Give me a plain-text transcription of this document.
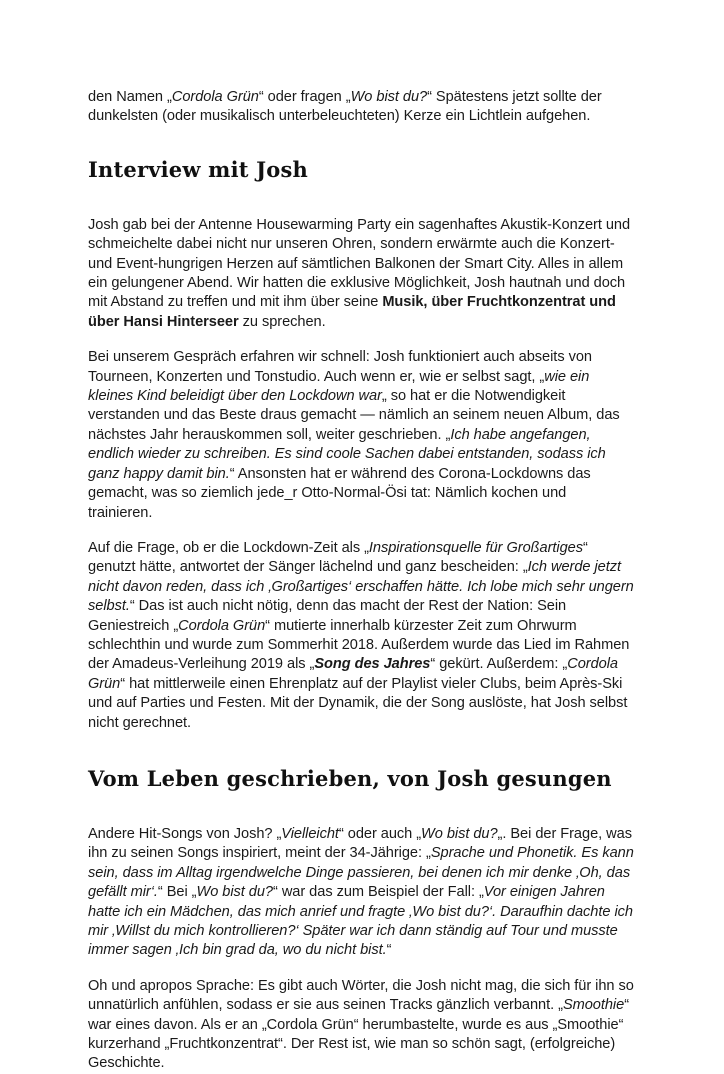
den Namen „Cordola Grün“ oder fragen „Wo bist du?“ Spätestens jetzt sollte der dunkelsten (oder musikalisch unterbeleuchteten) Kerze ein Lichtlein aufgehen.

Interview mit Josh

Josh gab bei der Antenne Housewarming Party ein sagenhaftes Akustik-Konzert und schmeichelte dabei nicht nur unseren Ohren, sondern erwärmte auch die Konzert- und Event-hungrigen Herzen auf sämtlichen Balkonen der Smart City. Alles in allem ein gelungener Abend. Wir hatten die exklusive Möglichkeit, Josh hautnah und doch mit Abstand zu treffen und mit ihm über seine Musik, über Fruchtkonzentrat und über Hansi Hinterseer zu sprechen.

Bei unserem Gespräch erfahren wir schnell: Josh funktioniert auch abseits von Tourneen, Konzerten und Tonstudio. Auch wenn er, wie er selbst sagt, „wie ein kleines Kind beleidigt über den Lockdown war„ so hat er die Notwendigkeit verstanden und das Beste draus gemacht — nämlich an seinem neuen Album, das nächstes Jahr herauskommen soll, weiter geschrieben. „Ich habe angefangen, endlich wieder zu schreiben. Es sind coole Sachen dabei entstanden, sodass ich ganz happy damit bin.“ Ansonsten hat er während des Corona-Lockdowns das gemacht, was so ziemlich jede_r Otto-Normal-Ösi tat: Nämlich kochen und trainieren.

Auf die Frage, ob er die Lockdown-Zeit als „Inspirationsquelle für Großartiges“ genutzt hätte, antwortet der Sänger lächelnd und ganz bescheiden: „Ich werde jetzt nicht davon reden, dass ich ‚Großartiges‘ erschaffen hätte. Ich lobe mich sehr ungern selbst.“ Das ist auch nicht nötig, denn das macht der Rest der Nation: Sein Geniestreich „Cordola Grün“ mutierte innerhalb kürzester Zeit zum Ohrwurm schlechthin und wurde zum Sommerhit 2018. Außerdem wurde das Lied im Rahmen der Amadeus-Verleihung 2019 als „Song des Jahres“ gekürt. Außerdem: „Cordola Grün“ hat mittlerweile einen Ehrenplatz auf der Playlist vieler Clubs, beim Après-Ski und auf Parties und Festen. Mit der Dynamik, die der Song auslöste, hat Josh selbst nicht gerechnet.

Vom Leben geschrieben, von Josh gesungen

Andere Hit-Songs von Josh? „Vielleicht“ oder auch „Wo bist du?„. Bei der Frage, was ihn zu seinen Songs inspiriert, meint der 34-Jährige: „Sprache und Phonetik. Es kann sein, dass im Alltag irgendwelche Dinge passieren, bei denen ich mir denke ‚Oh, das gefällt mir‘.“ Bei „Wo bist du?“ war das zum Beispiel der Fall: „Vor einigen Jahren hatte ich ein Mädchen, das mich anrief und fragte ‚Wo bist du?‘. Daraufhin dachte ich mir ‚Willst du mich kontrollieren?‘ Später war ich dann ständig auf Tour und musste immer sagen ‚Ich bin grad da, wo du nicht bist.“

Oh und apropos Sprache: Es gibt auch Wörter, die Josh nicht mag, die sich für ihn so unnatürlich anfühlen, sodass er sie aus seinen Tracks gänzlich verbannt. „Smoothie“ war eines davon. Als er an „Cordola Grün“ herumbastelte, wurde es aus „Smoothie“ kurzerhand „Fruchtkonzentrat“. Der Rest ist, wie man so schön sagt, (erfolgreiche) Geschichte.
